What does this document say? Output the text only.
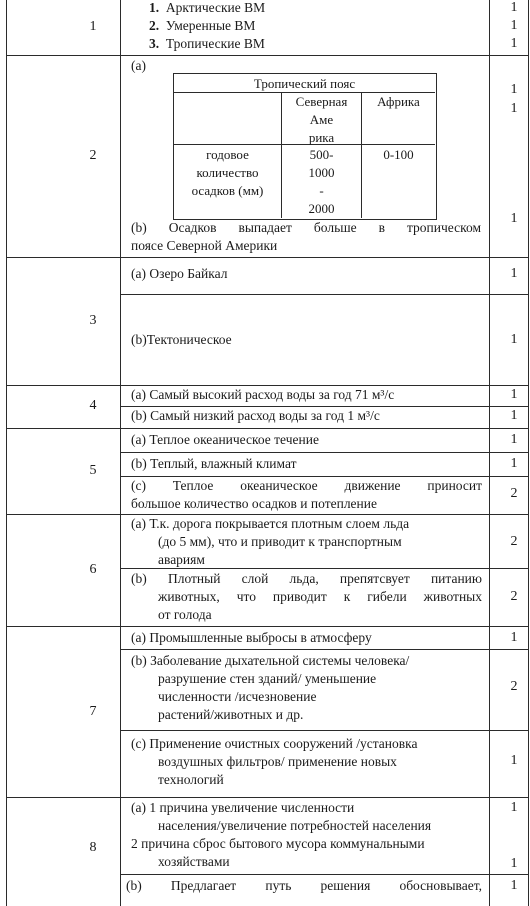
1
1. Арктические ВМ
2. Умеренные ВМ
3. Тропические ВМ
1
1
1
2
(a)
Тропический пояс
Северная
Аме
рика
Африка
годовое
количество
осадков (мм)
500-
1000
-
2000
0-100
(b) Осадков выпадает больше в тропическом
поясе Северной Америки
1
1
1
3
(a) Озеро Байкал
(b)Тектоническое
1
1
4
(a) Самый высокий расход воды за год 71 м³/с
(b) Самый низкий расход воды за год 1 м³/с
1
1
5
(a) Теплое океаническое течение
(b) Теплый, влажный климат
(c) Теплое океаническое движение приносит
большое количество осадков и потепление
1
1
2
6
(a) Т.к. дорога покрывается плотным слоем льда
(до 5 мм), что и приводит к транспортным
авариям
(b) Плотный слой льда, препятсвует питанию
животных, что приводит к гибели животных
от голода
2
2
7
(a) Промышленные выбросы в атмосферу
(b) Заболевание дыхательной системы человека/
разрушение стен зданий/ уменьшение
численности /исчезновение
растений/животных и др.
(c) Применение очистных сооружений /установка
воздушных фильтров/ применение новых
технологий
1
2
1
8
(a) 1 причина увеличение численности
населения/увеличение потребностей населения
2 причина сброс бытового мусора коммунальными
хозяйствами
(b) Предлагает путь решения обосновывает,
1
1
1
